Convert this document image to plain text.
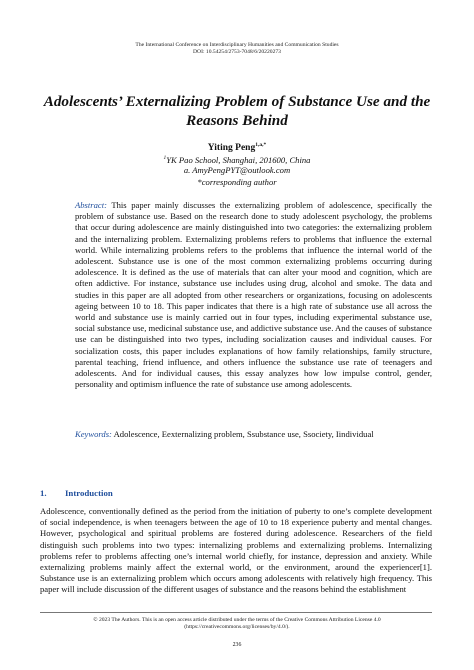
The International Conference on Interdisciplinary Humanities and Communication Studies
DOI: 10.54254/2753-7048/6/20220273
Adolescents’ Externalizing Problem of Substance Use and the
Reasons Behind
Yiting Peng$^{1,a,*}$
$^1$YK Pao School, Shanghai, 201600, China
a. AmyPengPYT@outlook.com
*corresponding author
Abstract: This paper mainly discusses the externalizing problem of adolescence, specifically the problem of substance use. Based on the research done to study adolescent psychology, the problems that occur during adolescence are mainly distinguished into two categories: the externalizing problem and the internalizing problem. Externalizing problems refers to problems that influence the external world. While internalizing problems refers to the problems that influence the internal world of the adolescent. Substance use is one of the most common externalizing problems occurring during adolescence. It is defined as the use of materials that can alter your mood and cognition, which are often addictive. For instance, substance use includes using drug, alcohol and smoke. The data and studies in this paper are all adopted from other researchers or organizations, focusing on adolescents ageing between 10 to 18. This paper indicates that there is a high rate of substance use all across the world and substance use is mainly carried out in four types, including experimental substance use, social substance use, medicinal substance use, and addictive substance use. And the causes of substance use can be distinguished into two types, including socialization causes and individual causes. For socialization costs, this paper includes explanations of how family relationships, family structure, parental teaching, friend influence, and others influence the substance use rate of teenagers and adolescents. And for individual causes, this essay analyzes how low impulse control, gender, personality and optimism influence the rate of substance use among adolescents.
Keywords: Adolescence, Eexternalizing problem, Ssubstance use, Ssociety, Iindividual
1. Introduction
Adolescence, conventionally defined as the period from the initiation of puberty to one’s complete development of social independence, is when teenagers between the age of 10 to 18 experience puberty and mental changes. However, psychological and spiritual problems are fostered during adolescence. Researchers of the field distinguish such problems into two types: internalizing problems and externalizing problems. Internalizing problems refer to problems affecting one’s internal world chiefly, for instance, depression and anxiety. While externalizing problems mainly affect the external world, or the environment, around the experiencer[1]. Substance use is an externalizing problem which occurs among adolescents with relatively high frequency. This paper will include discussion of the different usages of substance and the reasons behind the establishment
© 2023 The Authors. This is an open access article distributed under the terms of the Creative Commons Attribution License 4.0
(https://creativecommons.org/licenses/by/4.0/).
236
